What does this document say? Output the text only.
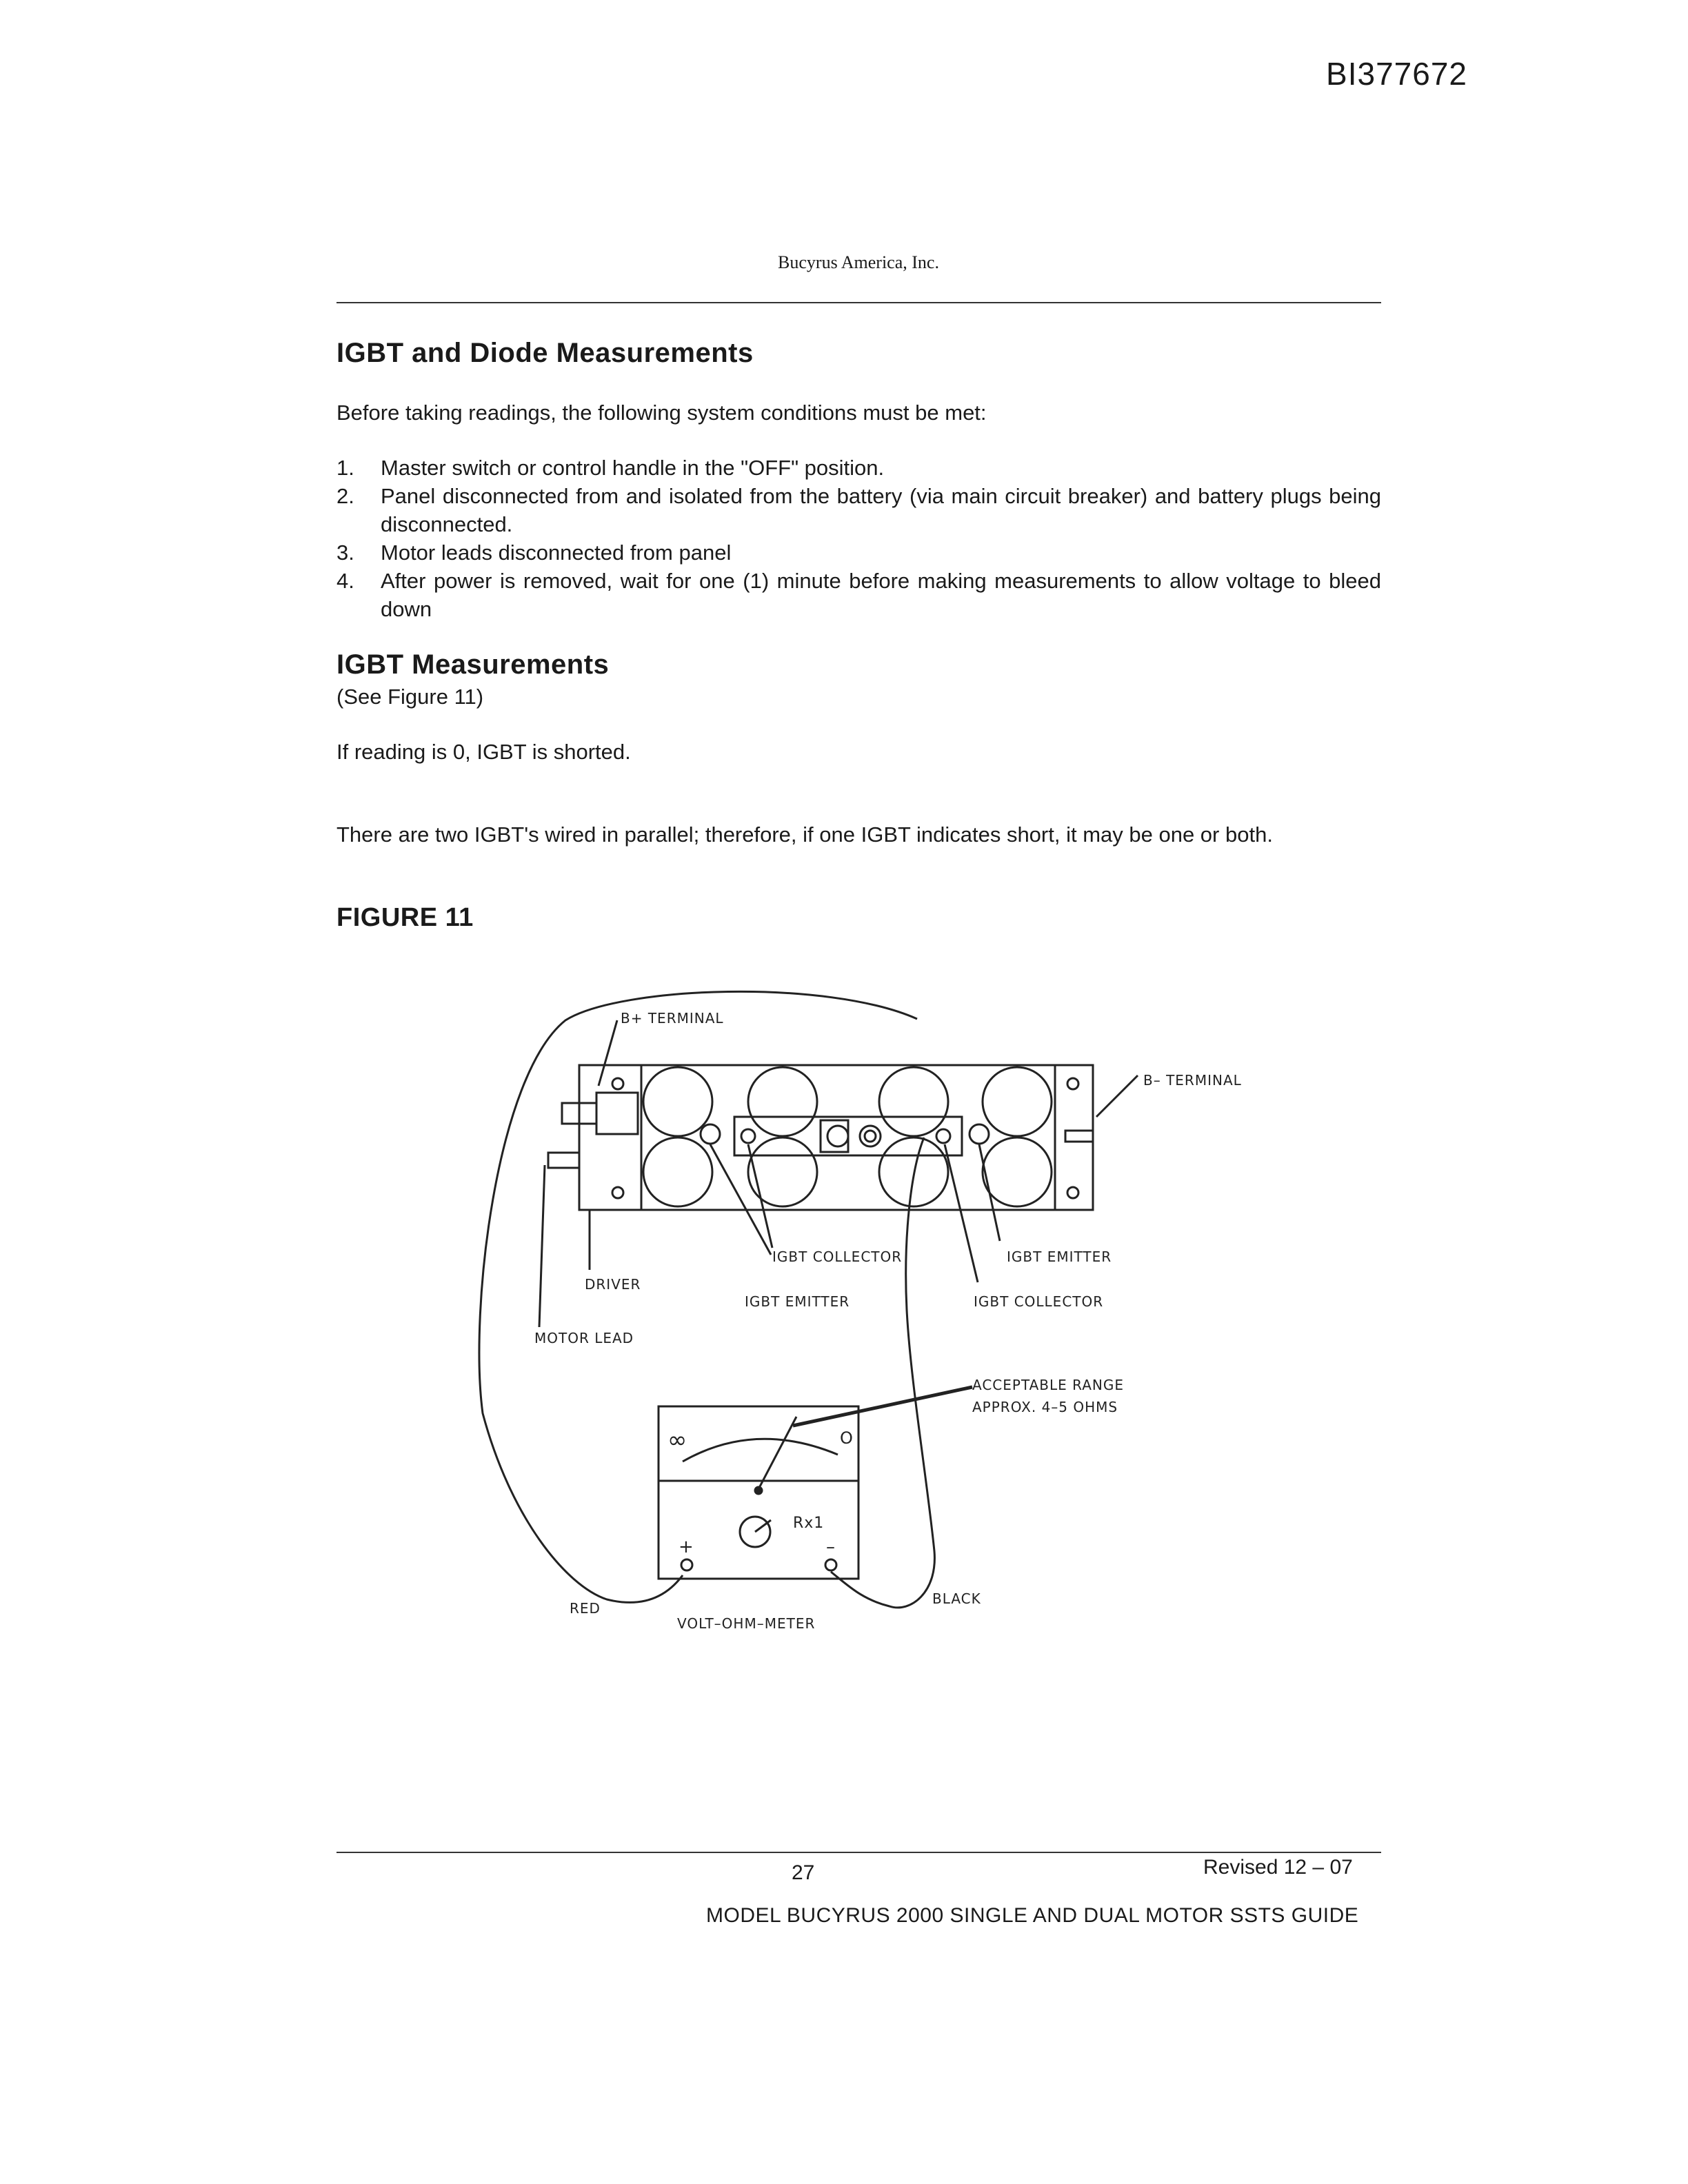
BI377672
Bucyrus America, Inc.
IGBT and Diode Measurements

Before taking readings, the following system conditions must be met:

1. Master switch or control handle in the "OFF" position.
2. Panel disconnected from and isolated from the battery (via main circuit breaker) and battery plugs being disconnected.
3. Motor leads disconnected from panel
4. After power is removed, wait for one (1) minute before making measurements to allow voltage to bleed down
IGBT Measurements

(See Figure 11)

If reading is 0, IGBT is shorted.

There are two IGBT's wired in parallel; therefore, if one IGBT indicates short, it may be one or both.

FIGURE 11
B+ TERMINAL
B– TERMINAL
IGBT COLLECTOR	IGBT EMITTER
DRIVER
IGBT EMITTER	IGBT COLLECTOR
MOTOR LEAD
ACCEPTABLE RANGE
APPROX. 4–5 OHMS
∞	O
Rx1
+	–
RED
BLACK
VOLT–OHM–METER
27	Revised 12 – 07
MODEL BUCYRUS 2000 SINGLE AND DUAL MOTOR SSTS GUIDE
